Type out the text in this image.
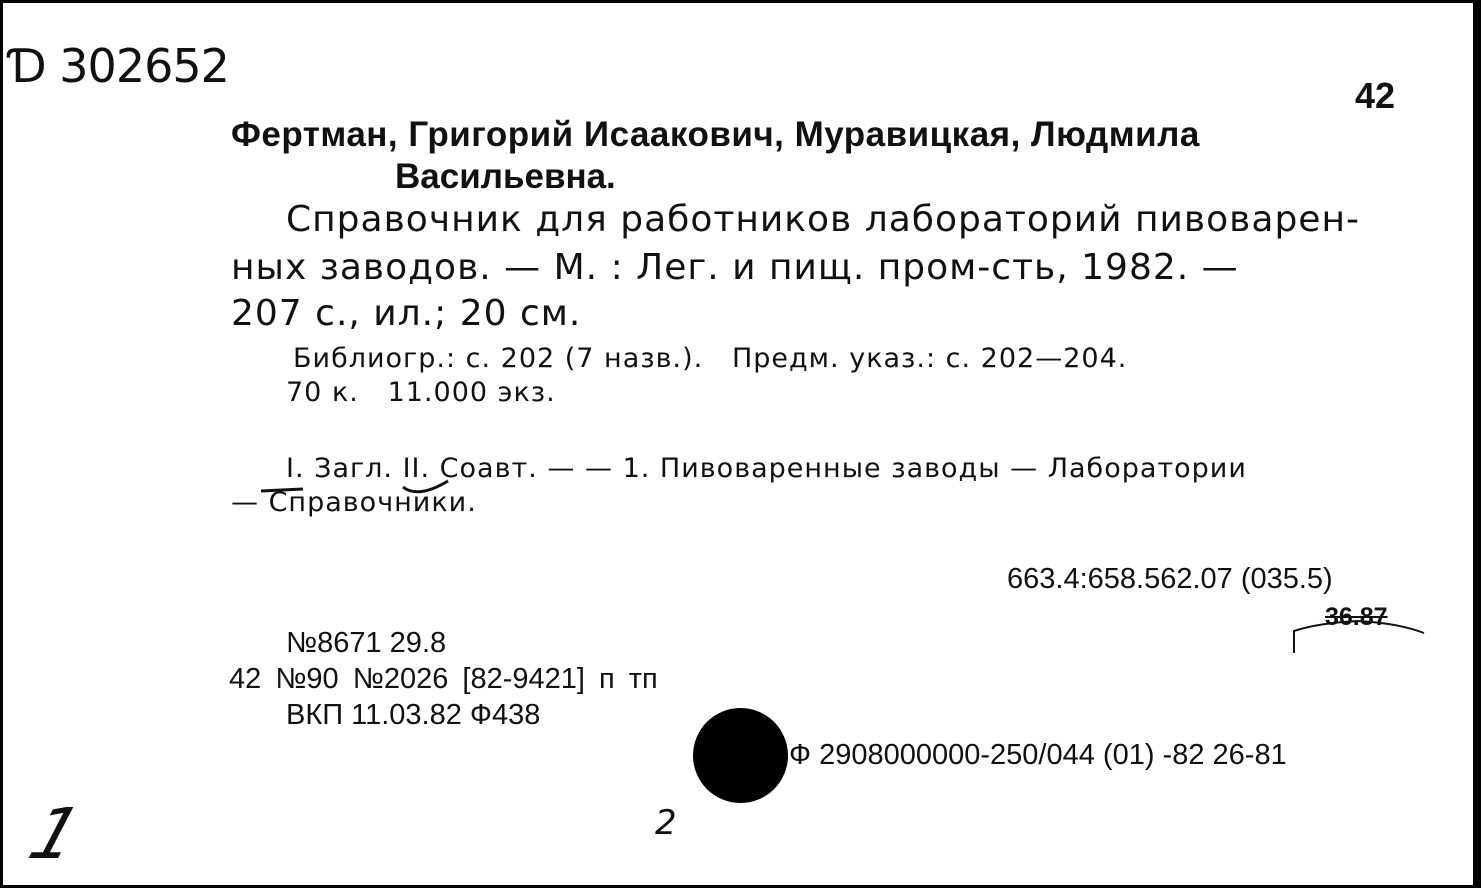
Ɗ 302652
42
Фертман, Григорий Исаакович, Муравицкая, Людмила
Васильевна.
Справочник для работников лабораторий пивоварен-
ных заводов. — М. : Лег. и пищ. пром-сть, 1982. —
207 с., ил.; 20 см.
Библиогр.: с. 202 (7 назв.).   Предм. указ.: с. 202—204.
70 к.   11.000 экз.
I. Загл. II. Соавт. — — 1. Пивоваренные заводы — Лаборатории
— Справочники.
663.4:658.562.07 (035.5)
36.87
№8671 29.8
42 №90 №2026 [82-9421] п тп
ВКП 11.03.82 Ф438
Ф 2908000000-250/044 (01) -82 26-81
1	2
